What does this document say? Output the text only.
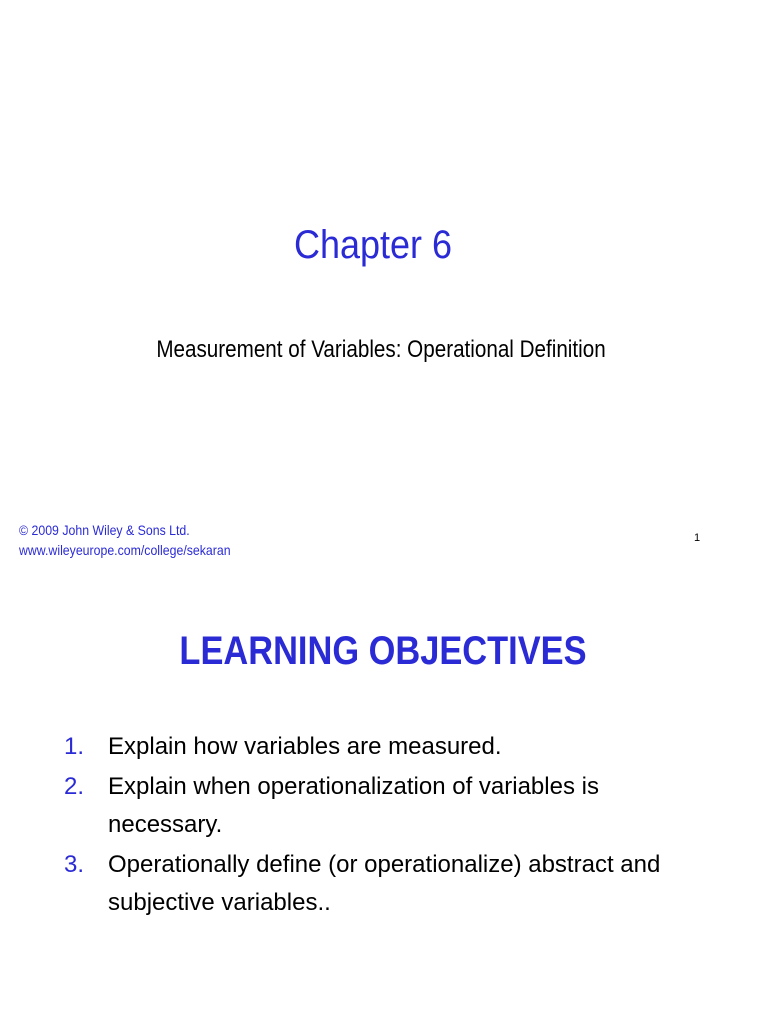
Chapter 6
Measurement of Variables: Operational Definition
© 2009 John Wiley & Sons Ltd.
www.wileyeurope.com/college/sekaran
1
LEARNING OBJECTIVES
1. Explain how variables are measured.
2. Explain when operationalization of variables is necessary.
3. Operationally define (or operationalize) abstract and subjective variables..
